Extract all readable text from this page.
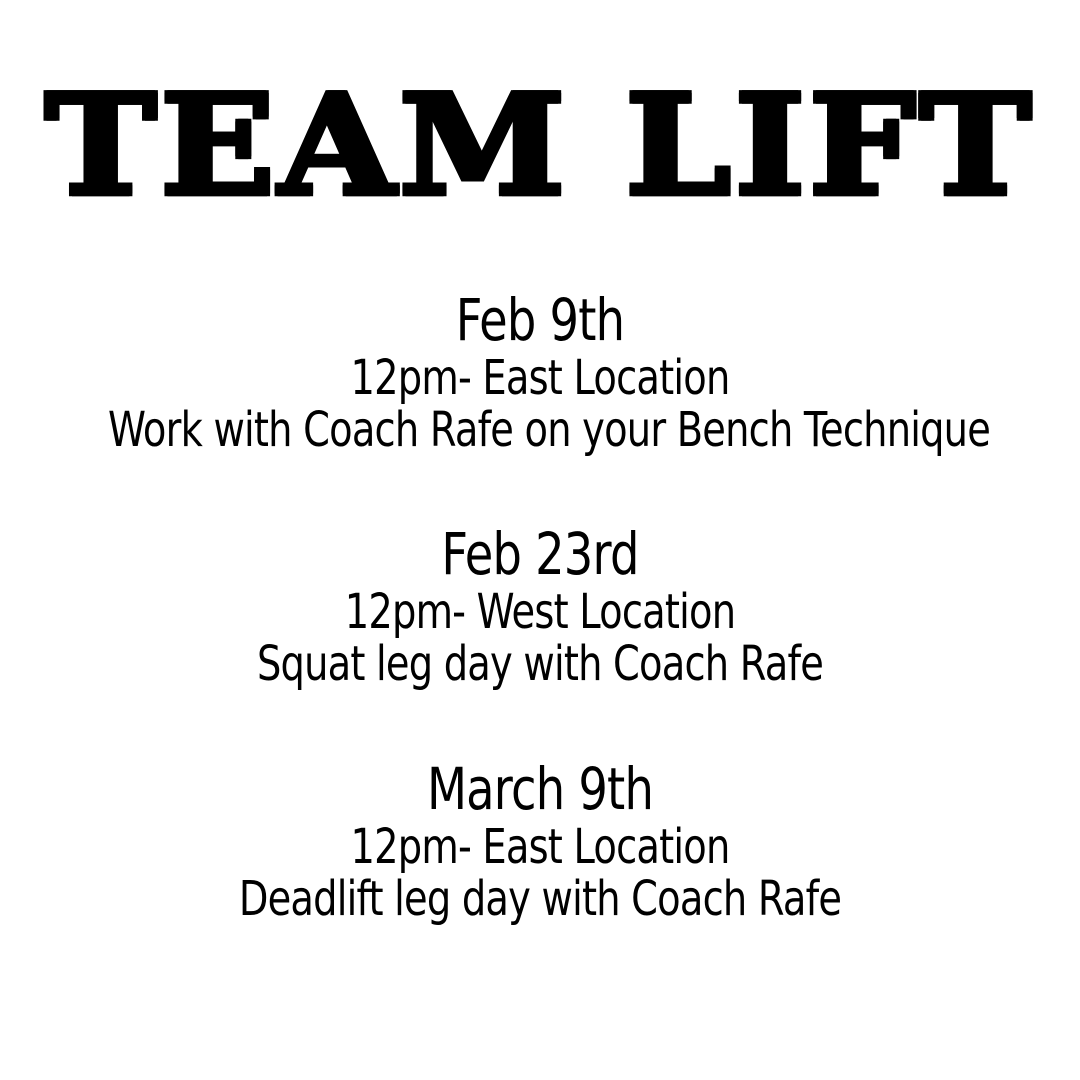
TEAM LIFT
Feb 9th
12pm- East Location
Work with Coach Rafe on your Bench Technique
Feb 23rd
12pm- West Location
Squat leg day with Coach Rafe
March 9th
12pm- East Location
Deadlift leg day with Coach Rafe
